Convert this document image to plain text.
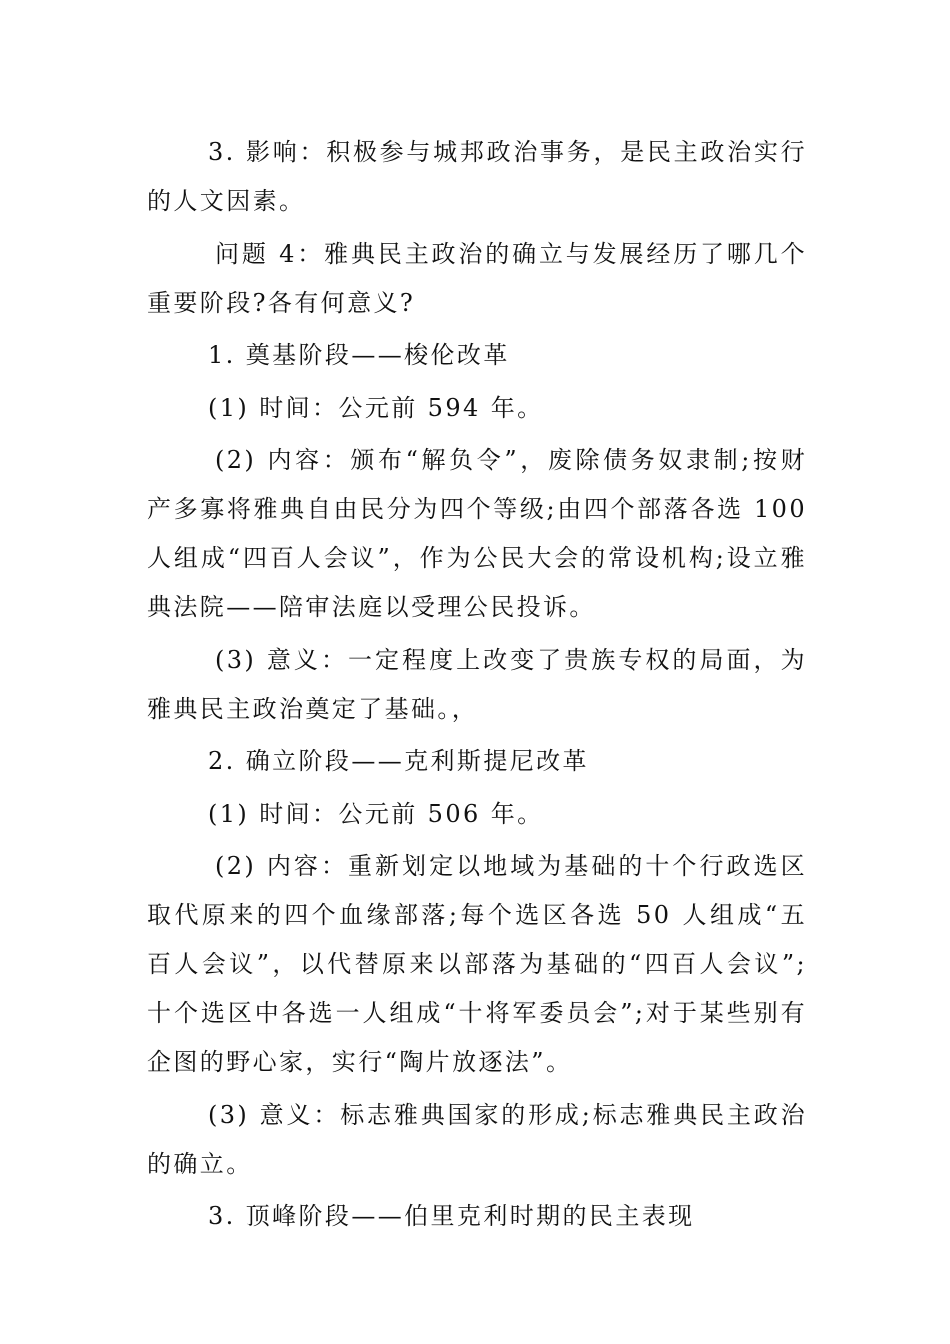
3. 影响：积极参与城邦政治事务，是民主政治实行的人文因素。

问题 4：雅典民主政治的确立与发展经历了哪几个重要阶段?各有何意义?

1. 奠基阶段——梭伦改革

(1) 时间：公元前 594 年。

(2) 内容：颁布“解负令”，废除债务奴隶制;按财产多寡将雅典自由民分为四个等级;由四个部落各选 100 人组成“四百人会议”，作为公民大会的常设机构;设立雅典法院——陪审法庭以受理公民投诉。

(3) 意义：一定程度上改变了贵族专权的局面，为雅典民主政治奠定了基础。，

2. 确立阶段——克利斯提尼改革

(1) 时间：公元前 506 年。

(2) 内容：重新划定以地域为基础的十个行政选区取代原来的四个血缘部落;每个选区各选 50 人组成“五百人会议”，以代替原来以部落为基础的“四百人会议”;十个选区中各选一人组成“十将军委员会”;对于某些别有企图的野心家，实行“陶片放逐法”。

(3) 意义：标志雅典国家的形成;标志雅典民主政治的确立。

3. 顶峰阶段——伯里克利时期的民主表现
